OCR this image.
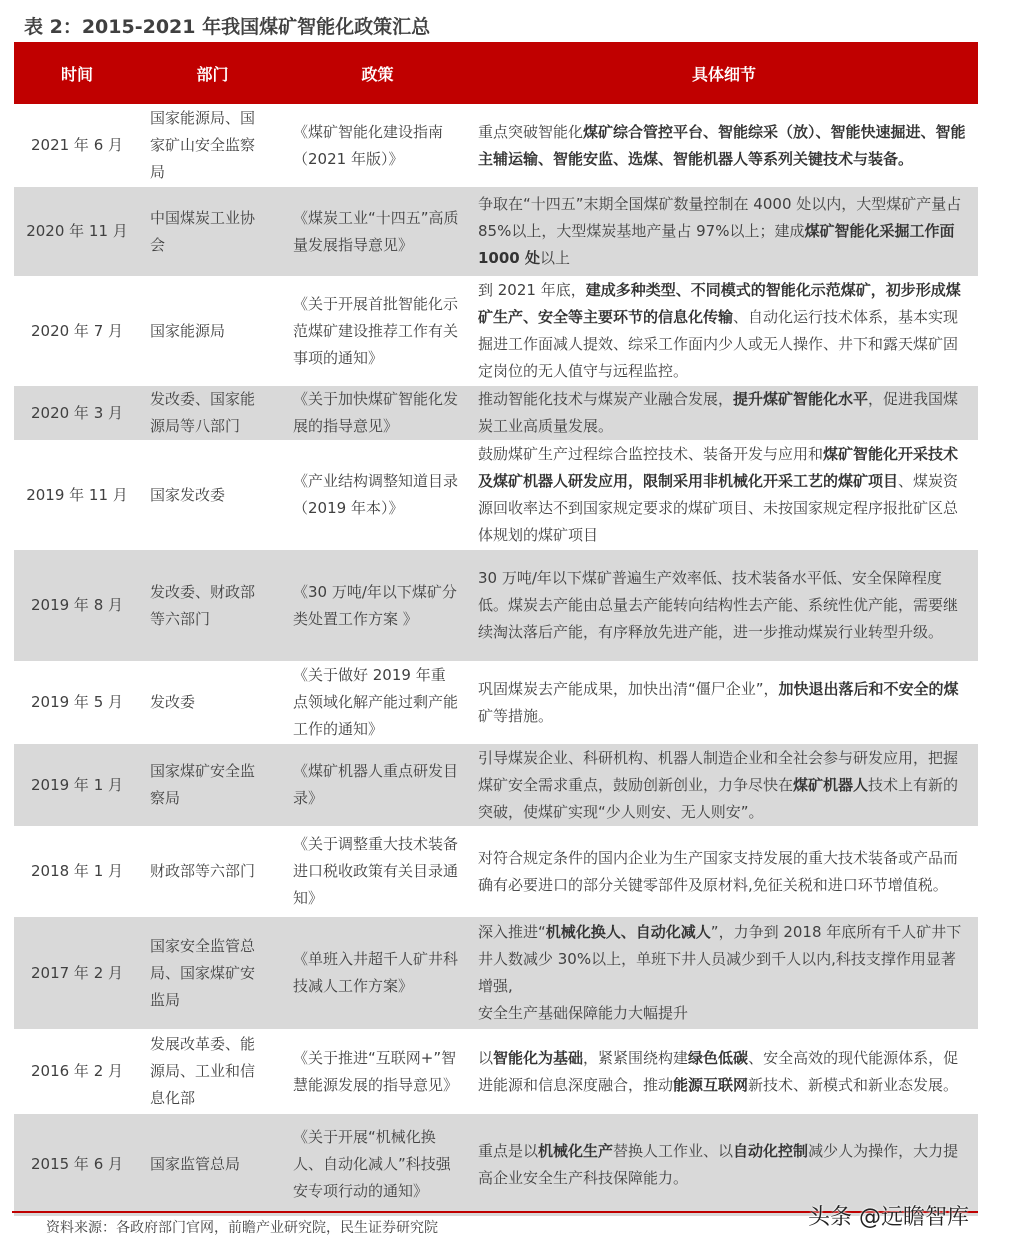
表 2：2015-2021 年我国煤矿智能化政策汇总
时间	部门	政策	具体细节
2021 年 6 月	国家能源局、国家矿山安全监察局	《煤矿智能化建设指南（2021 年版）》	重点突破智能化煤矿综合管控平台、智能综采（放）、智能快速掘进、智能主辅运输、智能安监、选煤、智能机器人等系列关键技术与装备。
2020 年 11 月	中国煤炭工业协会	《煤炭工业“十四五”高质量发展指导意见》	争取在“十四五”末期全国煤矿数量控制在 4000 处以内，大型煤矿产量占 85%以上，大型煤炭基地产量占 97%以上；建成煤矿智能化采掘工作面 1000 处以上
2020 年 7 月	国家能源局	《关于开展首批智能化示范煤矿建设推荐工作有关事项的通知》	到 2021 年底，建成多种类型、不同模式的智能化示范煤矿，初步形成煤矿生产、安全等主要环节的信息化传输、自动化运行技术体系，基本实现掘进工作面减人提效、综采工作面内少人或无人操作、井下和露天煤矿固定岗位的无人值守与远程监控。
2020 年 3 月	发改委、国家能源局等八部门	《关于加快煤矿智能化发展的指导意见》	推动智能化技术与煤炭产业融合发展，提升煤矿智能化水平，促进我国煤炭工业高质量发展。
2019 年 11 月	国家发改委	《产业结构调整知道目录（2019 年本）》	鼓励煤矿生产过程综合监控技术、装备开发与应用和煤矿智能化开采技术及煤矿机器人研发应用，限制采用非机械化开采工艺的煤矿项目、煤炭资源回收率达不到国家规定要求的煤矿项目、未按国家规定程序报批矿区总体规划的煤矿项目
2019 年 8 月	发改委、财政部等六部门	《30 万吨/年以下煤矿分类处置工作方案 》	30 万吨/年以下煤矿普遍生产效率低、技术装备水平低、安全保障程度低。煤炭去产能由总量去产能转向结构性去产能、系统性优产能，需要继续淘汰落后产能，有序释放先进产能，进一步推动煤炭行业转型升级。
2019 年 5 月	发改委	《关于做好 2019 年重点领域化解产能过剩产能工作的通知》	巩固煤炭去产能成果，加快出清“僵尸企业”，加快退出落后和不安全的煤矿等措施。
2019 年 1 月	国家煤矿安全监察局	《煤矿机器人重点研发目录》	引导煤炭企业、科研机构、机器人制造企业和全社会参与研发应用，把握煤矿安全需求重点，鼓励创新创业，力争尽快在煤矿机器人技术上有新的突破，使煤矿实现“少人则安、无人则安”。
2018 年 1 月	财政部等六部门	《关于调整重大技术装备进口税收政策有关目录通知》	对符合规定条件的国内企业为生产国家支持发展的重大技术装备或产品而确有必要进口的部分关键零部件及原材料,免征关税和进口环节增值税。
2017 年 2 月	国家安全监管总局、国家煤矿安监局	《单班入井超千人矿井科技减人工作方案》	深入推进“机械化换人、自动化减人”，力争到 2018 年底所有千人矿井下井人数减少 30%以上，单班下井人员减少到千人以内,科技支撑作用显著增强,
安全生产基础保障能力大幅提升
2016 年 2 月	发展改革委、能源局、工业和信息化部	《关于推进“互联网+”智慧能源发展的指导意见》	以智能化为基础，紧紧围绕构建绿色低碳、安全高效的现代能源体系，促进能源和信息深度融合，推动能源互联网新技术、新模式和新业态发展。
2015 年 6 月	国家监管总局	《关于开展“机械化换人、自动化减人”科技强安专项行动的通知》	重点是以机械化生产替换人工作业、以自动化控制减少人为操作，大力提高企业安全生产科技保障能力。
资料来源：各政府部门官网，前瞻产业研究院，民生证券研究院	头条 @远瞻智库
